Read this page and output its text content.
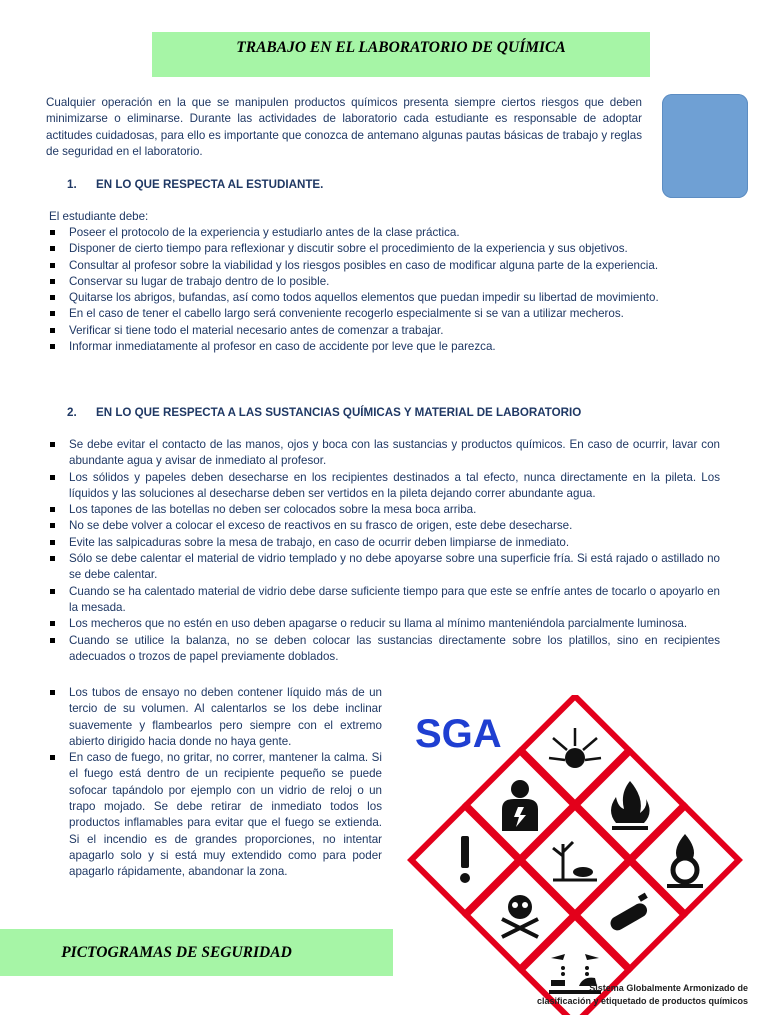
TRABAJO EN EL LABORATORIO DE QUÍMICA
Cualquier operación en la que se manipulen productos químicos presenta siempre ciertos riesgos que deben minimizarse o eliminarse. Durante las actividades de laboratorio cada estudiante es responsable de adoptar actitudes cuidadosas, para ello es importante que conozca de antemano algunas pautas básicas de trabajo y reglas de seguridad en el laboratorio.
1. EN LO QUE RESPECTA AL ESTUDIANTE.
El estudiante debe:
Poseer el protocolo de la experiencia y estudiarlo antes de la clase práctica.
Disponer de cierto tiempo para reflexionar y discutir sobre el procedimiento de la experiencia y sus objetivos.
Consultar al profesor sobre la viabilidad y los riesgos posibles en caso de modificar alguna parte de la experiencia.
Conservar su lugar de trabajo dentro de lo posible.
Quitarse los abrigos, bufandas, así como todos aquellos elementos que puedan impedir su libertad de movimiento.
En el caso de tener el cabello largo será conveniente recogerlo especialmente si se van a utilizar mecheros.
Verificar si tiene todo el material necesario antes de comenzar a trabajar.
Informar inmediatamente al profesor en caso de accidente por leve que le parezca.
2. EN LO QUE RESPECTA A LAS SUSTANCIAS QUÍMICAS Y MATERIAL DE LABORATORIO
Se debe evitar el contacto de las manos, ojos y boca con las sustancias y productos químicos. En caso de ocurrir, lavar con abundante agua y avisar de inmediato al profesor.
Los sólidos y papeles deben desecharse en los recipientes destinados a tal efecto, nunca directamente en la pileta. Los líquidos y las soluciones al desecharse deben ser vertidos en la pileta dejando correr abundante agua.
Los tapones de las botellas no deben ser colocados sobre la mesa boca arriba.
No se debe volver a colocar el exceso de reactivos en su frasco de origen, este debe desecharse.
Evite las salpicaduras sobre la mesa de trabajo, en caso de ocurrir deben limpiarse de inmediato.
Sólo se debe calentar el material de vidrio templado y no debe apoyarse sobre una superficie fría. Si está rajado o astillado no se debe calentar.
Cuando se ha calentado material de vidrio debe darse suficiente tiempo para que este se enfríe antes de tocarlo o apoyarlo en la mesada.
Los mecheros que no estén en uso deben apagarse o reducir su llama al mínimo manteniéndola parcialmente luminosa.
Cuando se utilice la balanza, no se deben colocar las sustancias directamente sobre los platillos, sino en recipientes adecuados o trozos de papel previamente doblados.
Los tubos de ensayo no deben contener líquido más de un tercio de su volumen. Al calentarlos se los debe inclinar suavemente y flambearlos pero siempre con el extremo abierto dirigido hacia donde no haya gente.
En caso de fuego, no gritar, no correr, mantener la calma. Si el fuego está dentro de un recipiente pequeño se puede sofocar tapándolo por ejemplo con un vidrio de reloj o un trapo mojado. Se debe retirar de inmediato todos los productos inflamables para evitar que el fuego se extienda. Si el incendio es de grandes proporciones, no intentar apagarlo solo y si está muy extendido como para poder apagarlo rápidamente, abandonar la zona.
PICTOGRAMAS DE SEGURIDAD
SGA
Sistema Globalmente Armonizado de
clasificación y etiquetado de productos químicos
